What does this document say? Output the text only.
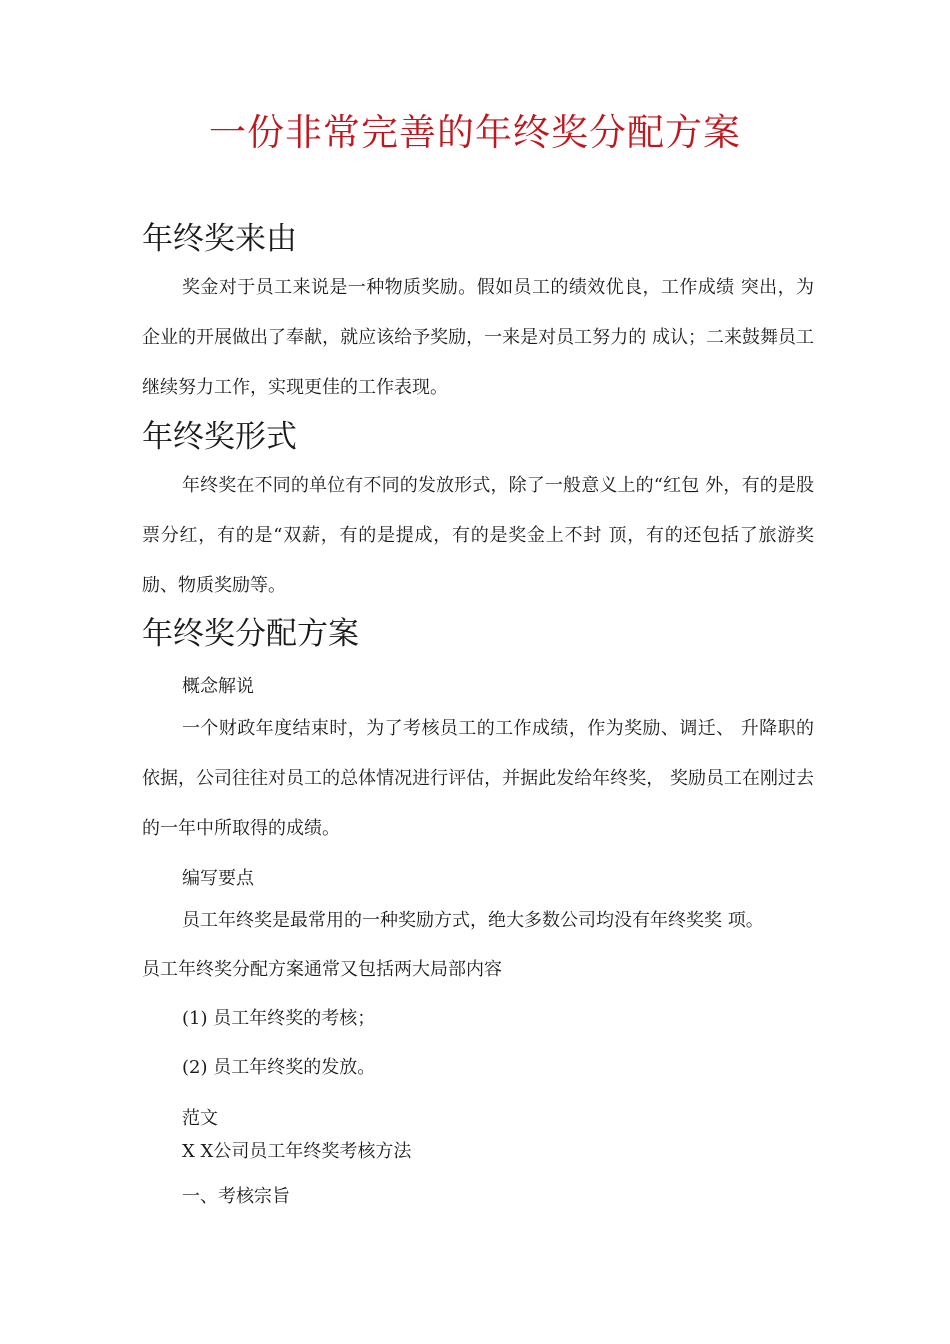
一份非常完善的年终奖分配方案
年终奖来由
奖金对于员工来说是一种物质奖励。假如员工的绩效优良，工作成绩 突出，为企业的开展做出了奉献，就应该给予奖励，一来是对员工努力的 成认；二来鼓舞员工继续努力工作，实现更佳的工作表现。
年终奖形式
年终奖在不同的单位有不同的发放形式，除了一般意义上的“红包 外，有的是股票分红，有的是“双薪，有的是提成，有的是奖金上不封 顶，有的还包括了旅游奖励、物质奖励等。
年终奖分配方案
概念解说
一个财政年度结束时，为了考核员工的工作成绩，作为奖励、调迁、 升降职的依据，公司往往对员工的总体情况进行评估，并据此发给年终奖， 奖励员工在刚过去的一年中所取得的成绩。
编写要点
员工年终奖是最常用的一种奖励方式，绝大多数公司均没有年终奖奖 项。
员工年终奖分配方案通常又包括两大局部内容
(1) 员工年终奖的考核；
(2) 员工年终奖的发放。
范文
X X公司员工年终奖考核方法
一、考核宗旨
